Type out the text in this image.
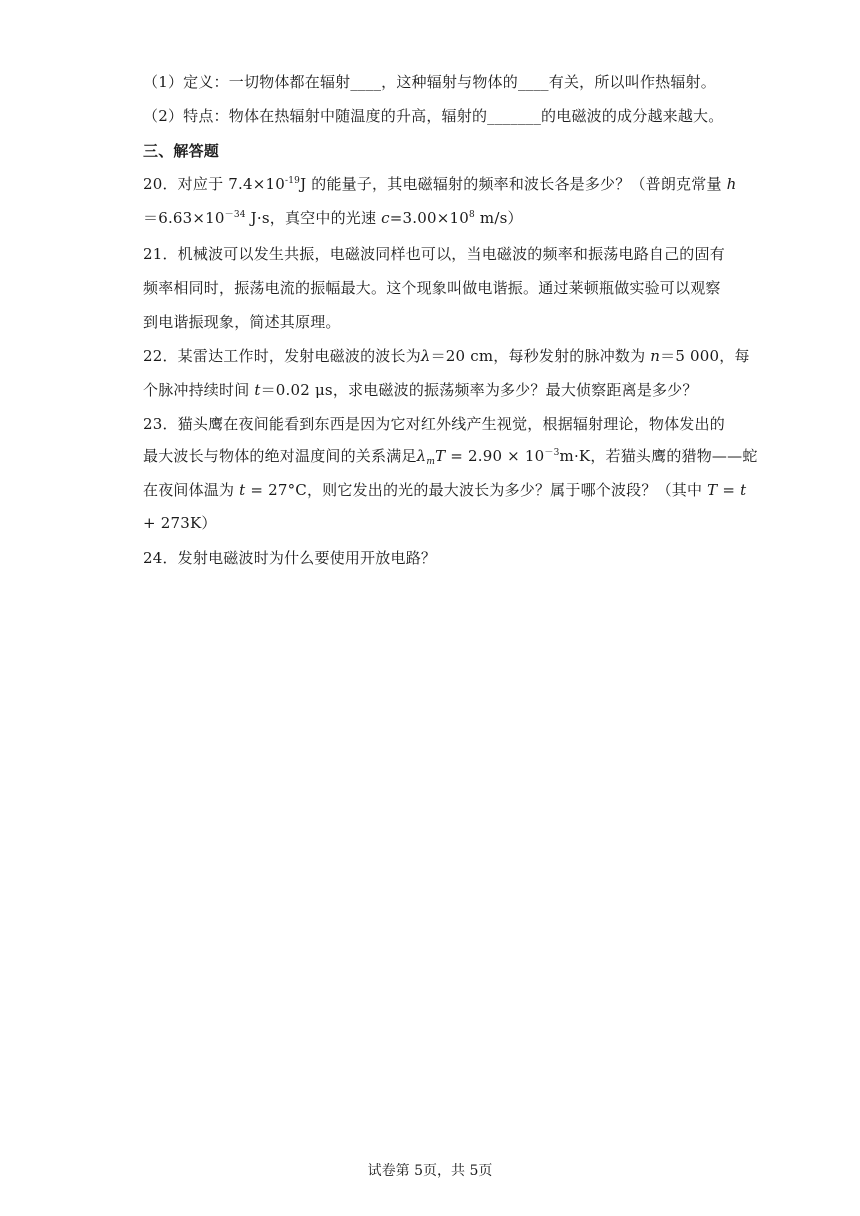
（1）定义：一切物体都在辐射____，这种辐射与物体的____有关，所以叫作热辐射。
（2）特点：物体在热辐射中随温度的升高，辐射的_______的电磁波的成分越来越大。
三、解答题
20．对应于 $7.4\times 10^{-19}J$ 的能量子，其电磁辐射的频率和波长各是多少？（普朗克常量 h
$=6.63\times 10^{-34}$ J·s，真空中的光速 $c=3.00\times 10^8$ m/s）
21．机械波可以发生共振，电磁波同样也可以，当电磁波的频率和振荡电路自己的固有
频率相同时，振荡电流的振幅最大。这个现象叫做电谐振。通过莱顿瓶做实验可以观察
到电谐振现象，简述其原理。
22．某雷达工作时，发射电磁波的波长为λ＝20 cm，每秒发射的脉冲数为 n＝5 000，每
个脉冲持续时间 t＝0.02 μs，求电磁波的振荡频率为多少？最大侦察距离是多少？
23．猫头鹰在夜间能看到东西是因为它对红外线产生视觉，根据辐射理论，物体发出的
最大波长与物体的绝对温度间的关系满足$\lambda_mT = 2.90 \times 10^{-3}m\cdot K$，若猫头鹰的猎物——蛇
在夜间体温为 t = 27°C，则它发出的光的最大波长为多少？属于哪个波段？（其中 T = t
+ 273K）
24．发射电磁波时为什么要使用开放电路？
试卷第 5页，共 5页
